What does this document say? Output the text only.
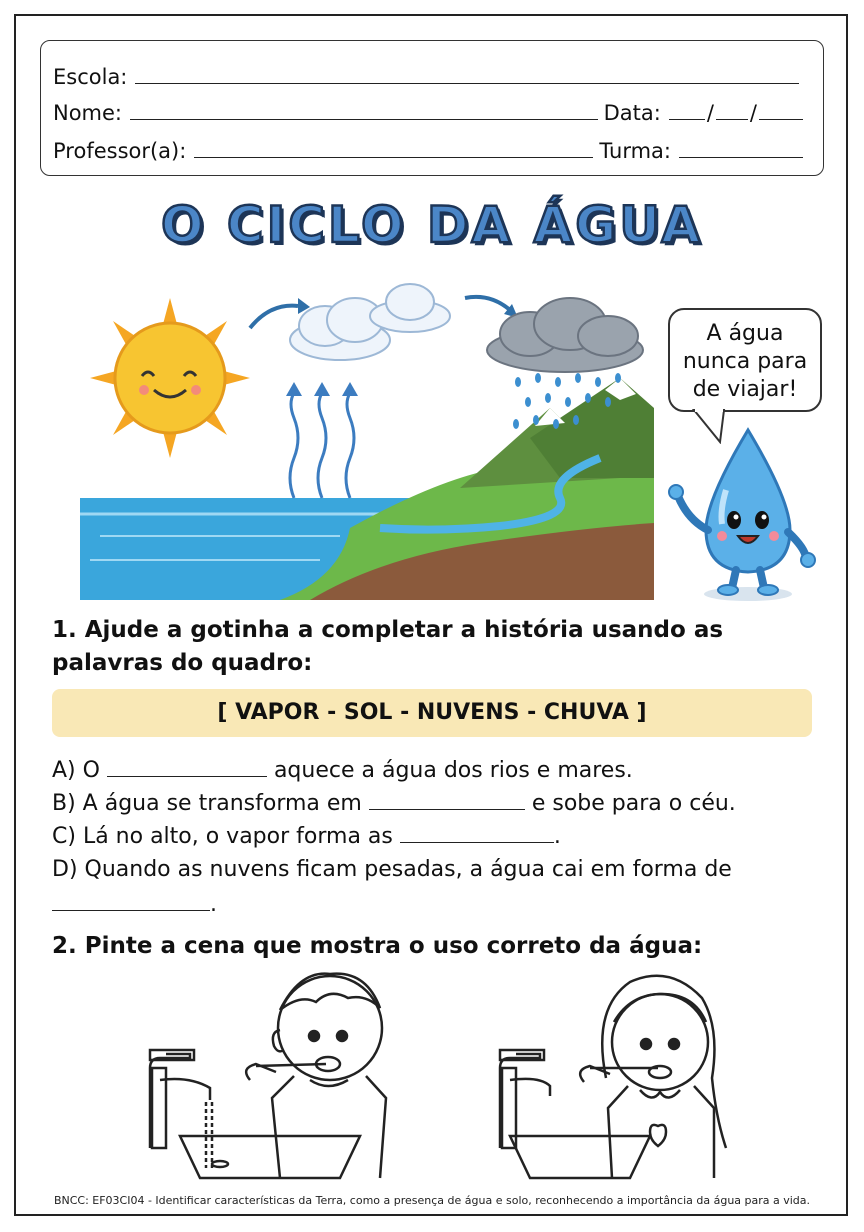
Escola:
Nome:	Data: / /
Professor(a):	Turma:
O CICLO DA ÁGUA
A água
nunca para
de viajar!
1. Ajude a gotinha a completar a história usando as palavras do quadro:
[ VAPOR - SOL - NUVENS - CHUVA ]
A) O	aquece a água dos rios e mares.
B) A água se transforma em	e sobe para o céu.
C) Lá no alto, o vapor forma as	.
D) Quando as nuvens ficam pesadas, a água cai em forma de
.
2. Pinte a cena que mostra o uso correto da água:
BNCC: EF03CI04 - Identificar características da Terra, como a presença de água e solo, reconhecendo a importância da água para a vida.
